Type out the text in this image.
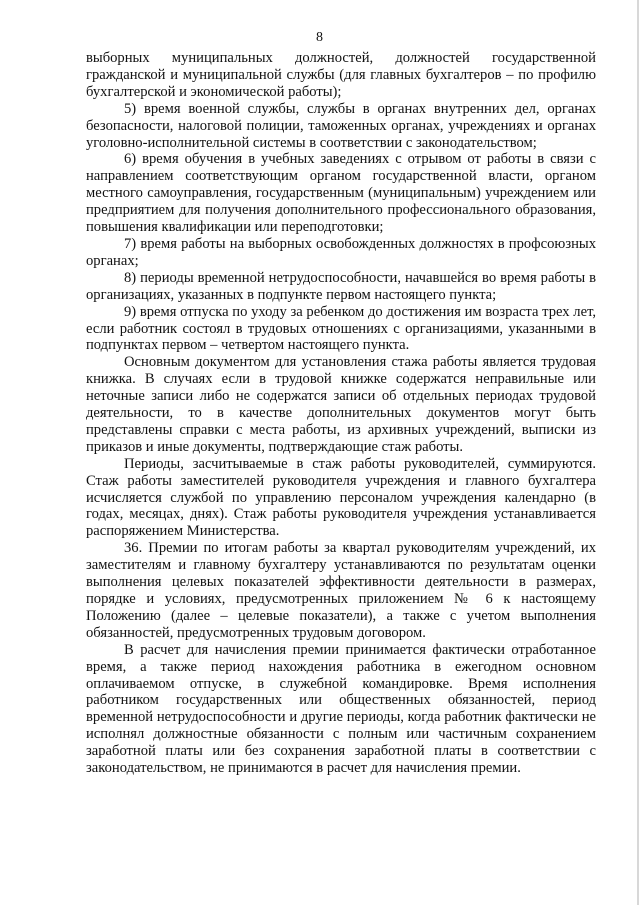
8

выборных муниципальных должностей, должностей государственной гражданской и муниципальной службы (для главных бухгалтеров – по профилю бухгалтерской и экономической работы);

5) время военной службы, службы в органах внутренних дел, органах безопасности, налоговой полиции, таможенных органах, учреждениях и органах уголовно-исполнительной системы в соответствии с законодательством;

6) время обучения в учебных заведениях с отрывом от работы в связи с направлением соответствующим органом государственной власти, органом местного самоуправления, государственным (муниципальным) учреждением или предприятием для получения дополнительного профессионального образования, повышения квалификации или переподготовки;

7) время работы на выборных освобожденных должностях в профсоюзных органах;

8) периоды временной нетрудоспособности, начавшейся во время работы в организациях, указанных в подпункте первом настоящего пункта;

9) время отпуска по уходу за ребенком до достижения им возраста трех лет, если работник состоял в трудовых отношениях с организациями, указанными в подпунктах первом – четвертом настоящего пункта.

Основным документом для установления стажа работы является трудовая книжка. В случаях если в трудовой книжке содержатся неправильные или неточные записи либо не содержатся записи об отдельных периодах трудовой деятельности, то в качестве дополнительных документов могут быть представлены справки с места работы, из архивных учреждений, выписки из приказов и иные документы, подтверждающие стаж работы.

Периоды, засчитываемые в стаж работы руководителей, суммируются. Стаж работы заместителей руководителя учреждения и главного бухгалтера исчисляется службой по управлению персоналом учреждения календарно (в годах, месяцах, днях). Стаж работы руководителя учреждения устанавливается распоряжением Министерства.

36. Премии по итогам работы за квартал руководителям учреждений, их заместителям и главному бухгалтеру устанавливаются по результатам оценки выполнения целевых показателей эффективности деятельности в размерах, порядке и условиях, предусмотренных приложением № 6 к настоящему Положению (далее – целевые показатели), а также с учетом выполнения обязанностей, предусмотренных трудовым договором.

В расчет для начисления премии принимается фактически отработанное время, а также период нахождения работника в ежегодном основном оплачиваемом отпуске, в служебной командировке. Время исполнения работником государственных или общественных обязанностей, период временной нетрудоспособности и другие периоды, когда работник фактически не исполнял должностные обязанности с полным или частичным сохранением заработной платы или без сохранения заработной платы в соответствии с законодательством, не принимаются в расчет для начисления премии.
